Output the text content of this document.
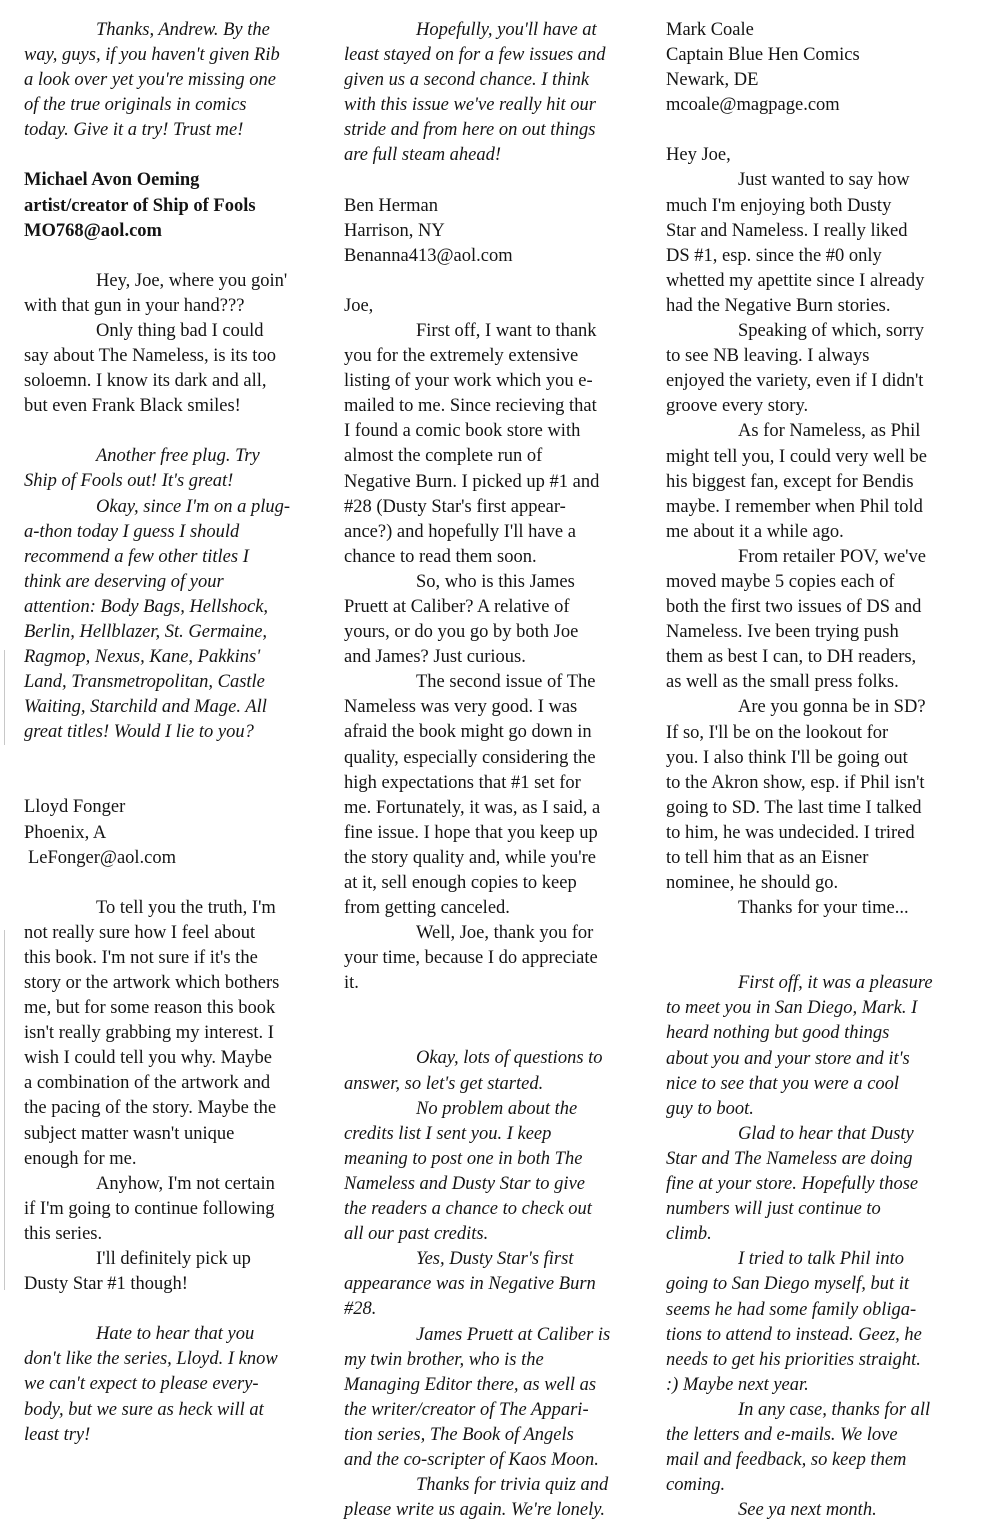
Thanks, Andrew. By the

way, guys, if you haven't given Rib

a look over yet you're missing one

of the true originals in comics

today. Give it a try! Trust me!

Michael Avon Oeming

artist/creator of Ship of Fools

MO768@aol.com

Hey, Joe, where you goin'

with that gun in your hand???

Only thing bad I could

say about The Nameless, is its too

soloemn. I know its dark and all,

but even Frank Black smiles!

Another free plug. Try

Ship of Fools out! It's great!

Okay, since I'm on a plug-

a-thon today I guess I should

recommend a few other titles I

think are deserving of your

attention: Body Bags, Hellshock,

Berlin, Hellblazer, St. Germaine,

Ragmop, Nexus, Kane, Pakkins'

Land, Transmetropolitan, Castle

Waiting, Starchild and Mage. All

great titles! Would I lie to you?

Lloyd Fonger

Phoenix, A

LeFonger@aol.com

To tell you the truth, I'm

not really sure how I feel about

this book. I'm not sure if it's the

story or the artwork which bothers

me, but for some reason this book

isn't really grabbing my interest. I

wish I could tell you why. Maybe

a combination of the artwork and

the pacing of the story. Maybe the

subject matter wasn't unique

enough for me.

Anyhow, I'm not certain

if I'm going to continue following

this series.

I'll definitely pick up

Dusty Star #1 though!

Hate to hear that you

don't like the series, Lloyd. I know

we can't expect to please every-

body, but we sure as heck will at

least try!

Hopefully, you'll have at

least stayed on for a few issues and

given us a second chance. I think

with this issue we've really hit our

stride and from here on out things

are full steam ahead!

Ben Herman

Harrison, NY

Benanna413@aol.com

Joe,

First off, I want to thank

you for the extremely extensive

listing of your work which you e-

mailed to me. Since recieving that

I found a comic book store with

almost the complete run of

Negative Burn. I picked up #1 and

#28 (Dusty Star's first appear-

ance?) and hopefully I'll have a

chance to read them soon.

So, who is this James

Pruett at Caliber? A relative of

yours, or do you go by both Joe

and James? Just curious.

The second issue of The

Nameless was very good. I was

afraid the book might go down in

quality, especially considering the

high expectations that #1 set for

me. Fortunately, it was, as I said, a

fine issue. I hope that you keep up

the story quality and, while you're

at it, sell enough copies to keep

from getting canceled.

Well, Joe, thank you for

your time, because I do appreciate

it.

Okay, lots of questions to

answer, so let's get started.

No problem about the

credits list I sent you. I keep

meaning to post one in both The

Nameless and Dusty Star to give

the readers a chance to check out

all our past credits.

Yes, Dusty Star's first

appearance was in Negative Burn

#28.

James Pruett at Caliber is

my twin brother, who is the

Managing Editor there, as well as

the writer/creator of The Appari-

tion series, The Book of Angels

and the co-scripter of Kaos Moon.

Thanks for trivia quiz and

please write us again. We're lonely.

Mark Coale

Captain Blue Hen Comics

Newark, DE

mcoale@magpage.com

Hey Joe,

Just wanted to say how

much I'm enjoying both Dusty

Star and Nameless. I really liked

DS #1, esp. since the #0 only

whetted my apettite since I already

had the Negative Burn stories.

Speaking of which, sorry

to see NB leaving. I always

enjoyed the variety, even if I didn't

groove every story.

As for Nameless, as Phil

might tell you, I could very well be

his biggest fan, except for Bendis

maybe. I remember when Phil told

me about it a while ago.

From retailer POV, we've

moved maybe 5 copies each of

both the first two issues of DS and

Nameless. Ive been trying push

them as best I can, to DH readers,

as well as the small press folks.

Are you gonna be in SD?

If so, I'll be on the lookout for

you. I also think I'll be going out

to the Akron show, esp. if Phil isn't

going to SD. The last time I talked

to him, he was undecided. I trired

to tell him that as an Eisner

nominee, he should go.

Thanks for your time...

First off, it was a pleasure

to meet you in San Diego, Mark. I

heard nothing but good things

about you and your store and it's

nice to see that you were a cool

guy to boot.

Glad to hear that Dusty

Star and The Nameless are doing

fine at your store. Hopefully those

numbers will just continue to

climb.

I tried to talk Phil into

going to San Diego myself, but it

seems he had some family obliga-

tions to attend to instead. Geez, he

needs to get his priorities straight.

:) Maybe next year.

In any case, thanks for all

the letters and e-mails. We love

mail and feedback, so keep them

coming.

See ya next month.
